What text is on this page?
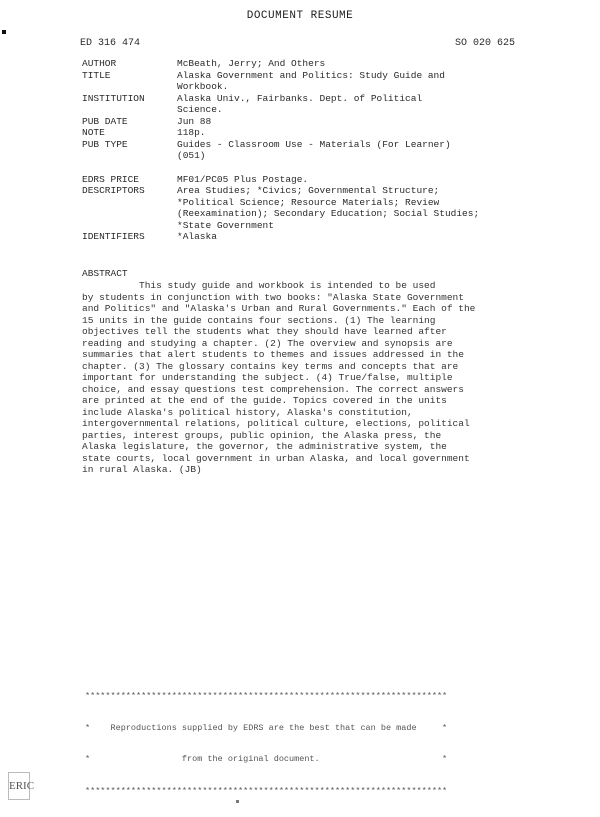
DOCUMENT RESUME
ED 316 474	SO 020 625
AUTHOR	McBeath, Jerry; And Others
TITLE	Alaska Government and Politics: Study Guide and
Workbook.
INSTITUTION	Alaska Univ., Fairbanks. Dept. of Political
Science.
PUB DATE	Jun 88
NOTE	118p.
PUB TYPE	Guides - Classroom Use - Materials (For Learner)
(051)
EDRS PRICE	MF01/PC05 Plus Postage.
DESCRIPTORS	Area Studies; *Civics; Governmental Structure;
*Political Science; Resource Materials; Review
(Reexamination); Secondary Education; Social Studies;
*State Government
IDENTIFIERS	*Alaska
ABSTRACT
This study guide and workbook is intended to be used
by students in conjunction with two books: "Alaska State Government
and Politics" and "Alaska's Urban and Rural Governments." Each of the
15 units in the guide contains four sections. (1) The learning
objectives tell the students what they should have learned after
reading and studying a chapter. (2) The overview and synopsis are
summaries that alert students to themes and issues addressed in the
chapter. (3) The glossary contains key terms and concepts that are
important for understanding the subject. (4) True/false, multiple
choice, and essay questions test comprehension. The correct answers
are printed at the end of the guide. Topics covered in the units
include Alaska's political history, Alaska's constitution,
intergovernmental relations, political culture, elections, political
parties, interest groups, public opinion, the Alaska press, the
Alaska legislature, the governor, the administrative system, the
state courts, local government in urban Alaska, and local government
in rural Alaska. (JB)

***********************************************************************

*    Reproductions supplied by EDRS are the best that can be made     *

*                  from the original document.                        *

***********************************************************************

ERIC
